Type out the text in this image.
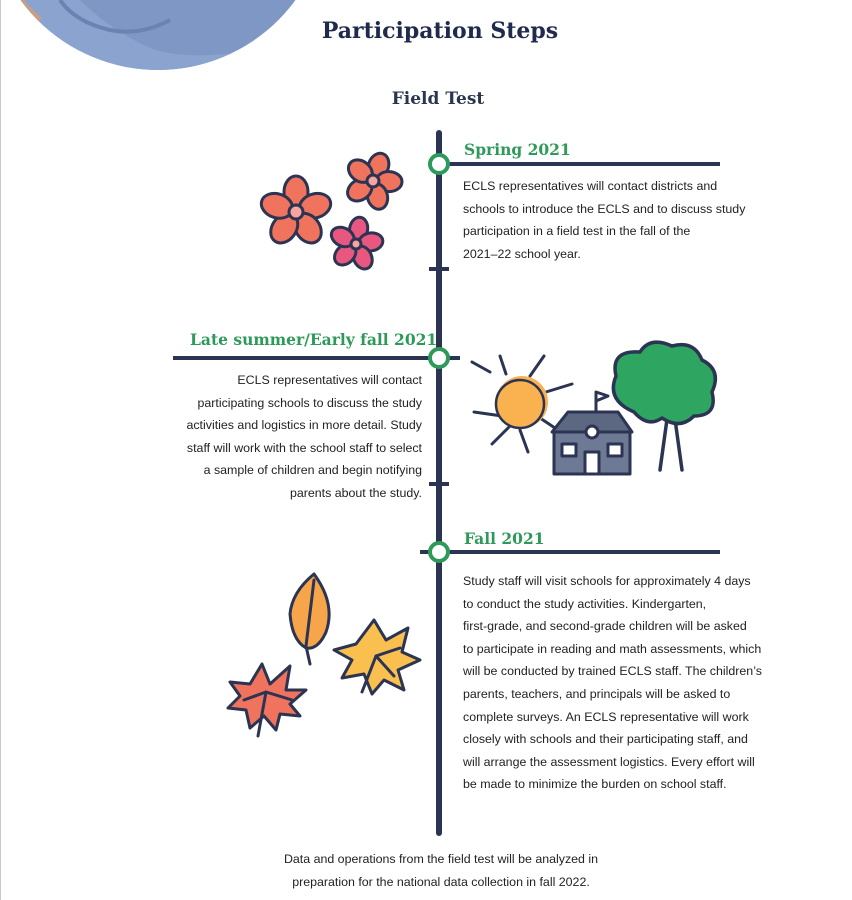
Participation Steps
Field Test
Spring 2021
ECLS representatives will contact districts and
schools to introduce the ECLS and to discuss study
participation in a field test in the fall of the
2021–22 school year.
Late summer/Early fall 2021
ECLS representatives will contact
participating schools to discuss the study
activities and logistics in more detail. Study
staff will work with the school staff to select
a sample of children and begin notifying
parents about the study.
Fall 2021
Study staff will visit schools for approximately 4 days
to conduct the study activities. Kindergarten,
first-grade, and second-grade children will be asked
to participate in reading and math assessments, which
will be conducted by trained ECLS staff. The children’s
parents, teachers, and principals will be asked to
complete surveys. An ECLS representative will work
closely with schools and their participating staff, and
will arrange the assessment logistics. Every effort will
be made to minimize the burden on school staff.
Data and operations from the field test will be analyzed in
preparation for the national data collection in fall 2022.
